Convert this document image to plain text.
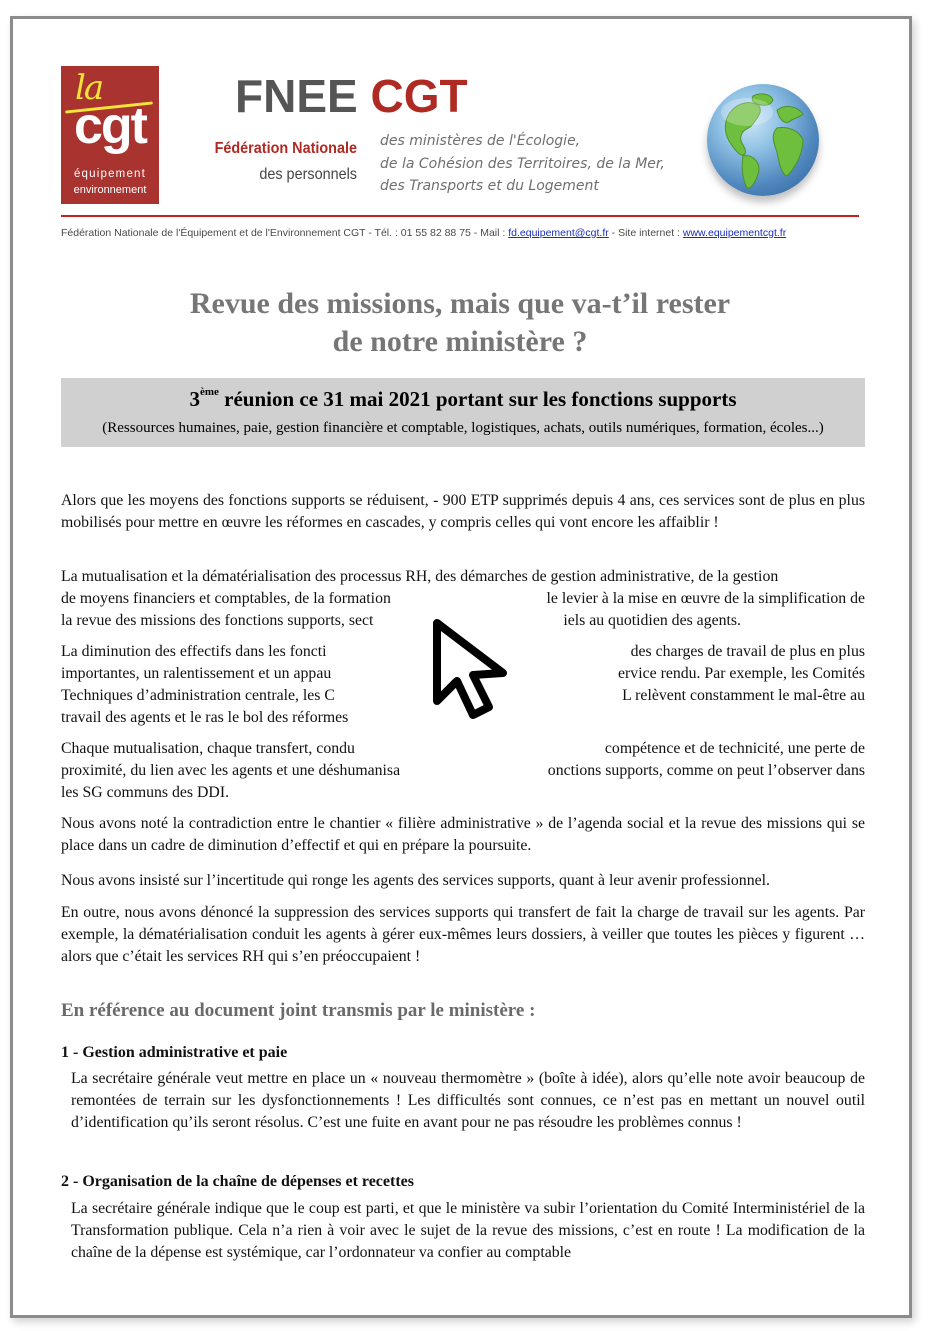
la
cgt
équipement
environnement
FNEE CGT
Fédération Nationale
des personnels
des ministères de l'Écologie,
de la Cohésion des Territoires, de la Mer,
des Transports et du Logement
Fédération Nationale de l'Équipement et de l'Environnement CGT - Tél. : 01 55 82 88 75 - Mail : fd.equipement@cgt.fr - Site internet : www.equipementcgt.fr
Revue des missions, mais que va-t’il rester
de notre ministère ?
3ème réunion ce 31 mai 2021 portant sur les fonctions supports
(Ressources humaines, paie, gestion financière et comptable, logistiques, achats, outils numériques, formation, écoles...)
Alors que les moyens des fonctions supports se réduisent, - 900 ETP supprimés depuis 4 ans, ces services sont de plus en plus mobilisés pour mettre en œuvre les réformes en cascades, y compris celles qui vont encore les affaiblir !
La mutualisation et la dématérialisation des processus RH, des démarches de gestion administrative, de la gestion
de moyens financiers et comptables, de la formation	le levier à la mise en œuvre de la simplification de
la revue des missions des fonctions supports, sect	iels au quotidien des agents.
La diminution des effectifs dans les foncti	des charges de travail de plus en plus
importantes, un ralentissement et un appau	ervice rendu. Par exemple, les Comités
Techniques d’administration centrale, les C	L relèvent constamment le mal-être au
travail des agents et le ras le bol des réformes
Chaque mutualisation, chaque transfert, condu	compétence et de technicité, une perte de
proximité, du lien avec les agents et une déshumanisa	onctions supports, comme on peut l’observer dans
les SG communs des DDI.
Nous avons noté la contradiction entre le chantier « filière administrative » de l’agenda social et la revue des missions qui se place dans un cadre de diminution d’effectif et qui en prépare la poursuite.
Nous avons insisté sur l’incertitude qui ronge les agents des services supports, quant à leur avenir professionnel.
En outre, nous avons dénoncé la suppression des services supports qui transfert de fait la charge de travail sur les agents. Par exemple, la dématérialisation conduit les agents à gérer eux-mêmes leurs dossiers, à veiller que toutes les pièces y figurent … alors que c’était les services RH qui s’en préoccupaient !
En référence au document joint transmis par le ministère :
1 - Gestion administrative et paie
La secrétaire générale veut mettre en place un « nouveau thermomètre » (boîte à idée), alors qu’elle note avoir beaucoup de remontées de terrain sur les dysfonctionnements ! Les difficultés sont connues, ce n’est pas en mettant un nouvel outil d’identification qu’ils seront résolus. C’est une fuite en avant pour ne pas résoudre les problèmes connus !
2 - Organisation de la chaîne de dépenses et recettes
La secrétaire générale indique que le coup est parti, et que le ministère va subir l’orientation du Comité Interministériel de la Transformation publique. Cela n’a rien à voir avec le sujet de la revue des missions, c’est en route ! La modification de la chaîne de la dépense est systémique, car l’ordonnateur va confier au comptable
